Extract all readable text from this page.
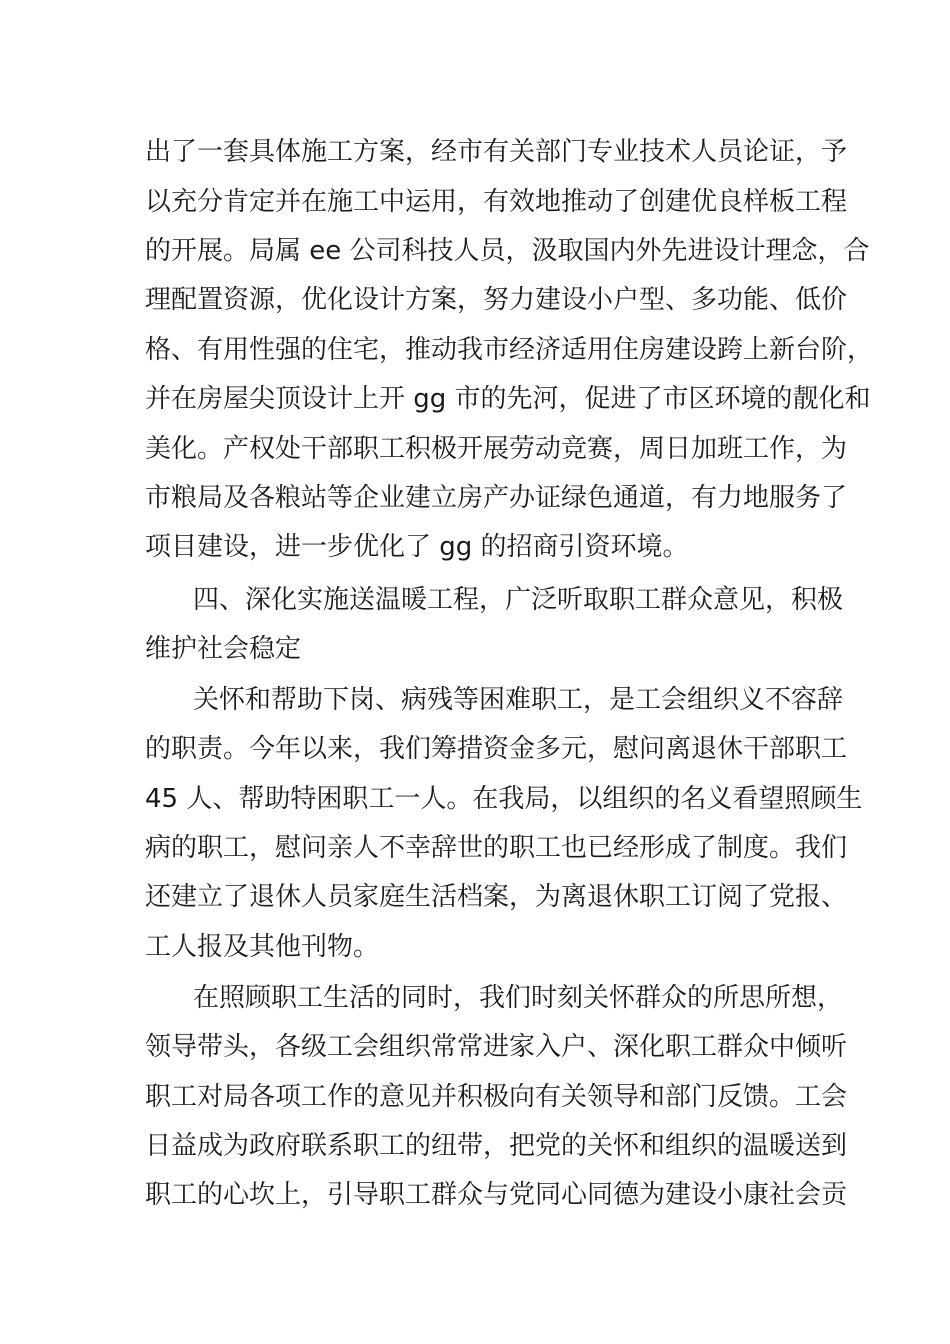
出了一套具体施工方案，经市有关部门专业技术人员论证，予
以充分肯定并在施工中运用，有效地推动了创建优良样板工程
的开展。局属 ee 公司科技人员，汲取国内外先进设计理念，合
理配置资源，优化设计方案，努力建设小户型、多功能、低价
格、有用性强的住宅，推动我市经济适用住房建设跨上新台阶，
并在房屋尖顶设计上开 gg 市的先河，促进了市区环境的靓化和
美化。产权处干部职工积极开展劳动竞赛，周日加班工作，为
市粮局及各粮站等企业建立房产办证绿色通道，有力地服务了
项目建设，进一步优化了 gg 的招商引资环境。
四、深化实施送温暖工程，广泛听取职工群众意见，积极
维护社会稳定
关怀和帮助下岗、病残等困难职工，是工会组织义不容辞
的职责。今年以来，我们筹措资金多元，慰问离退休干部职工
45 人、帮助特困职工一人。在我局，以组织的名义看望照顾生
病的职工，慰问亲人不幸辞世的职工也已经形成了制度。我们
还建立了退休人员家庭生活档案，为离退休职工订阅了党报、
工人报及其他刊物。
在照顾职工生活的同时，我们时刻关怀群众的所思所想，
领导带头，各级工会组织常常进家入户、深化职工群众中倾听
职工对局各项工作的意见并积极向有关领导和部门反馈。工会
日益成为政府联系职工的纽带，把党的关怀和组织的温暖送到
职工的心坎上，引导职工群众与党同心同德为建设小康社会贡
